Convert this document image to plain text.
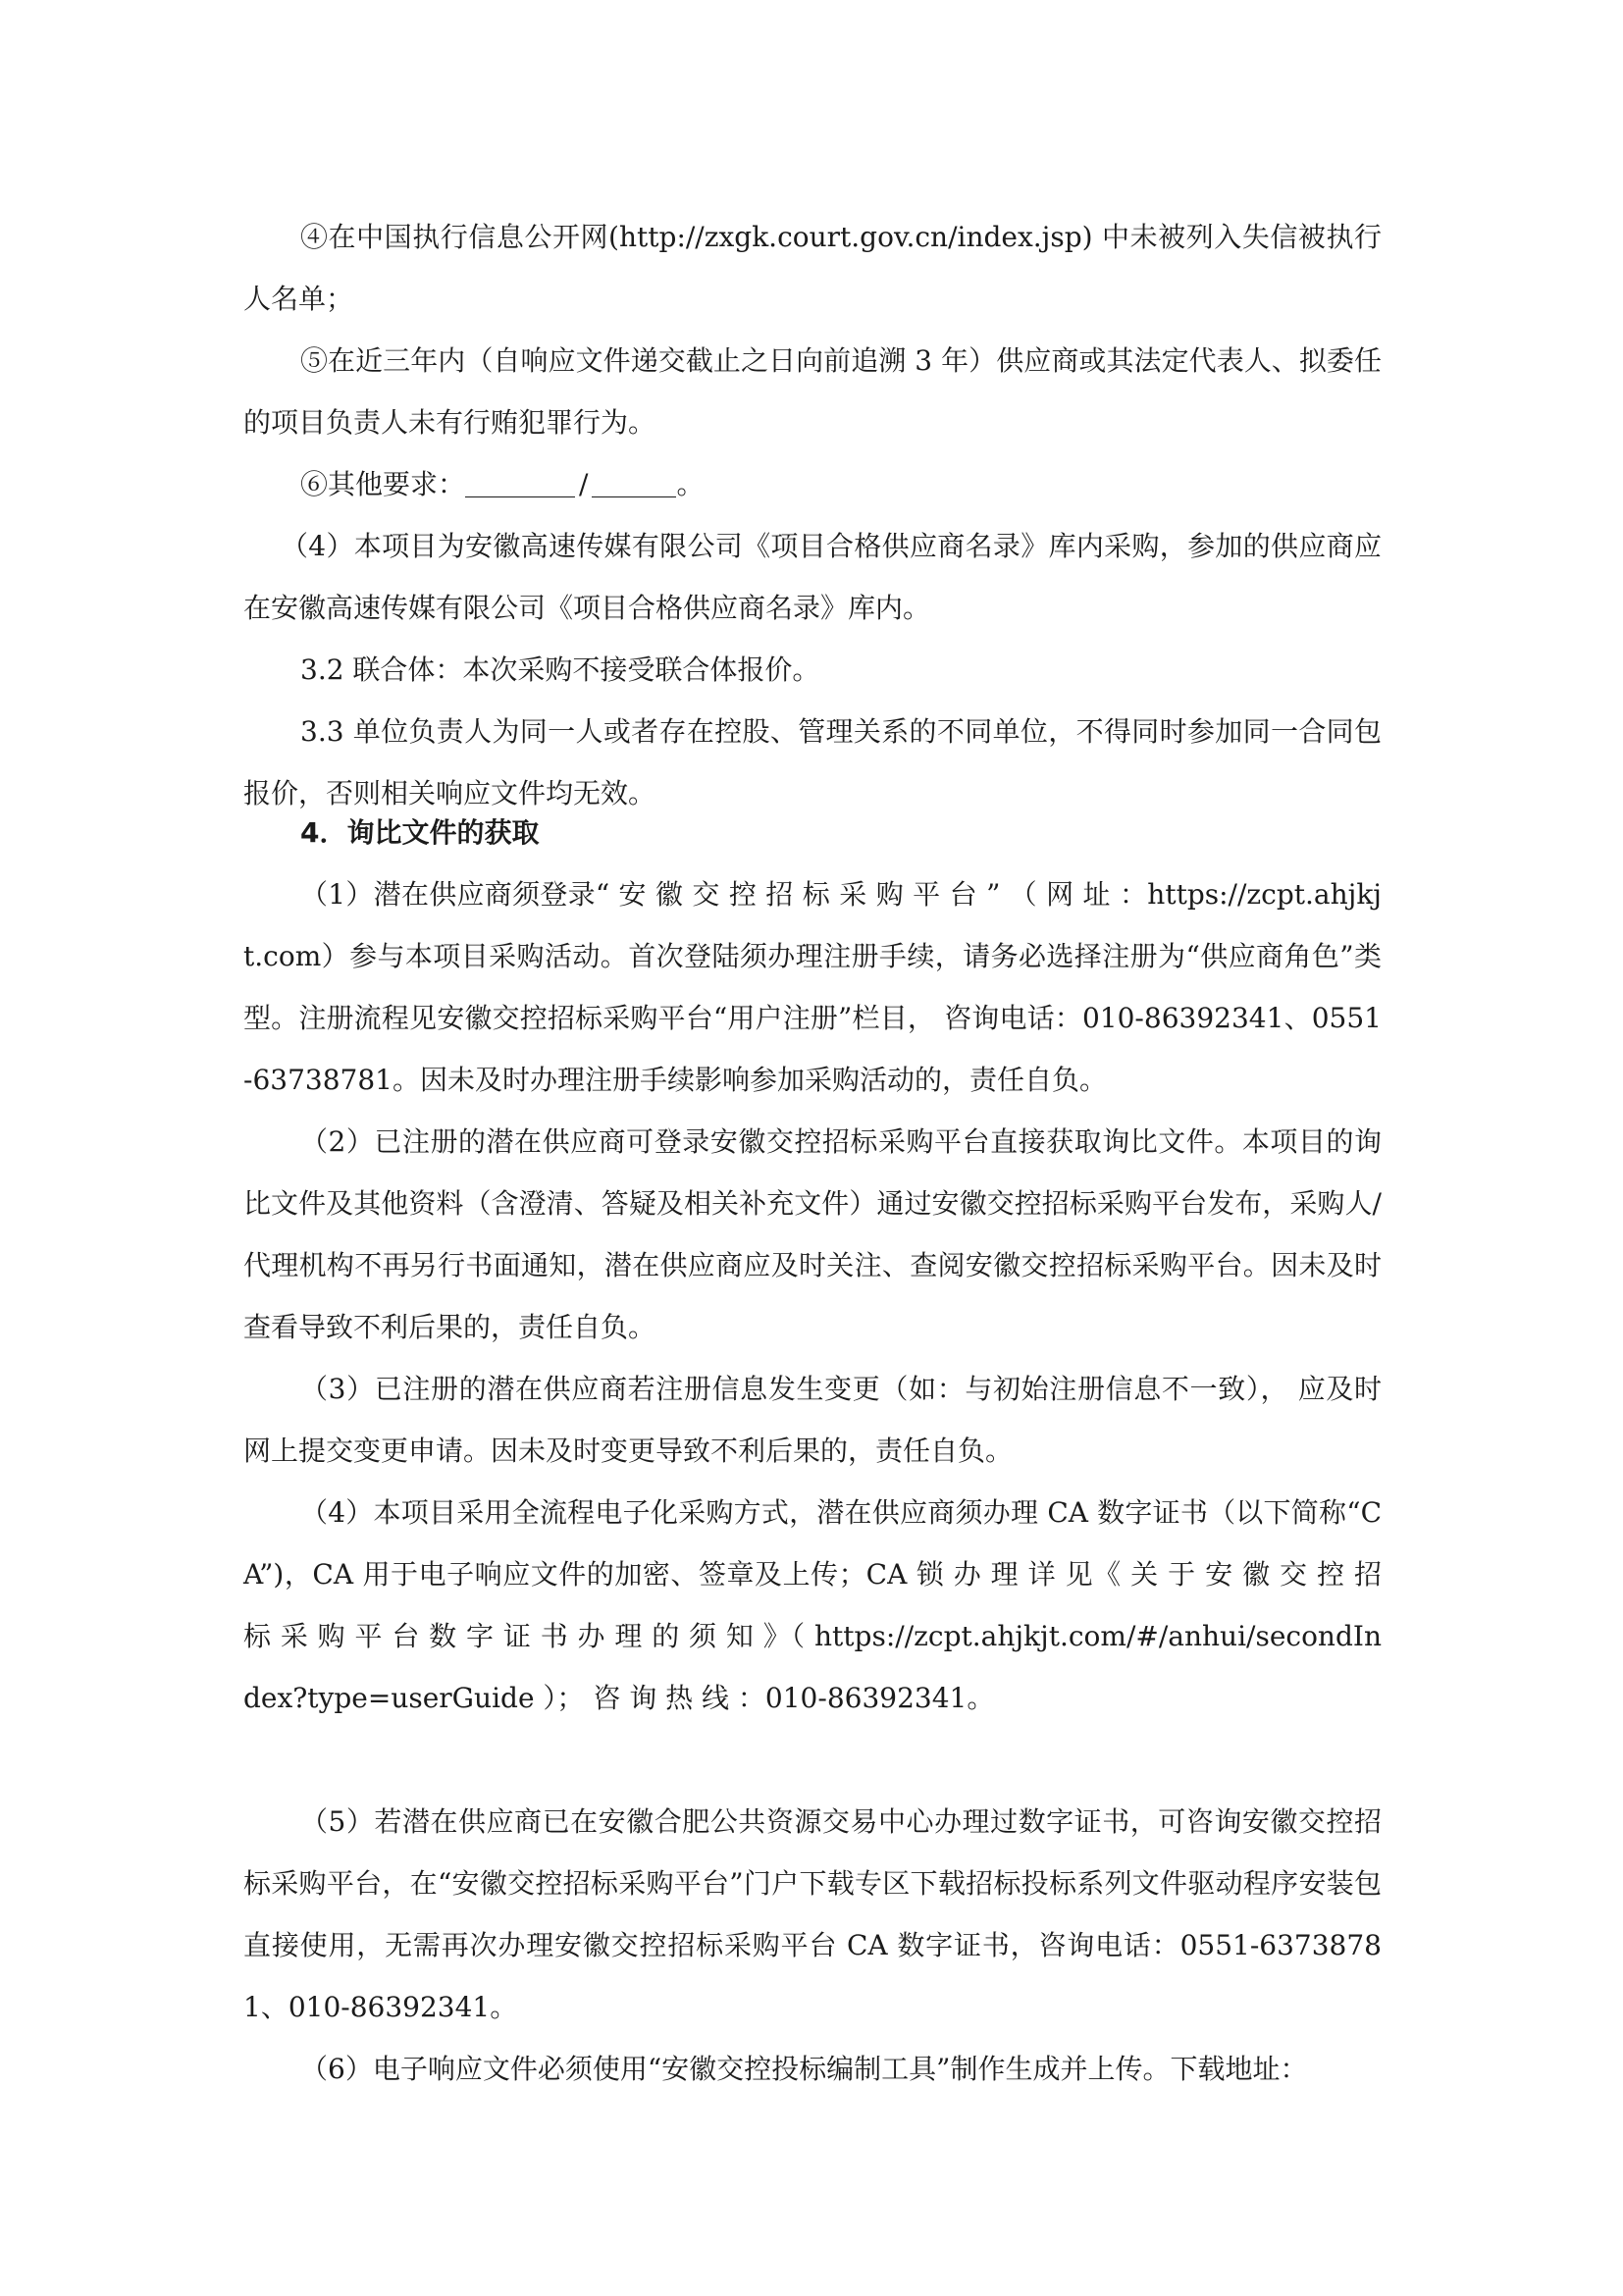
④在中国执行信息公开网(http://zxgk.court.gov.cn/index.jsp) 中未被列入失信被执行人名单；

⑤在近三年内（自响应文件递交截止之日向前追溯 3 年）供应商或其法定代表人、拟委任的项目负责人未有行贿犯罪行为。

⑥其他要求：	/	。

（4）本项目为安徽高速传媒有限公司《项目合格供应商名录》库内采购，参加的供应商应在安徽高速传媒有限公司《项目合格供应商名录》库内。

3.2 联合体：本次采购不接受联合体报价。

3.3 单位负责人为同一人或者存在控股、管理关系的不同单位，不得同时参加同一合同包报价，否则相关响应文件均无效。

4．询比文件的获取

（1）潜在供应商须登录“ 安 徽 交 控 招 标 采 购 平 台 ” （ 网 址 ：https://zcpt.ahjkjt.com）参与本项目采购活动。首次登陆须办理注册手续，请务必选择注册为“供应商角色”类型。注册流程见安徽交控招标采购平台“用户注册”栏目， 咨询电话：010-86392341、0551-63738781。因未及时办理注册手续影响参加采购活动的，责任自负。

（2）已注册的潜在供应商可登录安徽交控招标采购平台直接获取询比文件。本项目的询比文件及其他资料（含澄清、答疑及相关补充文件）通过安徽交控招标采购平台发布，采购人/代理机构不再另行书面通知，潜在供应商应及时关注、查阅安徽交控招标采购平台。因未及时查看导致不利后果的，责任自负。

（3）已注册的潜在供应商若注册信息发生变更（如：与初始注册信息不一致）， 应及时网上提交变更申请。因未及时变更导致不利后果的，责任自负。

（4）本项目采用全流程电子化采购方式，潜在供应商须办理 CA 数字证书（以下简称“CA”)，CA 用于电子响应文件的加密、签章及上传；CA 锁 办 理 详 见《 关 于 安 徽 交 控 招 标 采 购 平 台 数 字 证 书 办 理 的 须 知 》（ https://zcpt.ahjkjt.com/#/anhui/secondIndex?type=userGuide ）； 咨 询 热 线 ：010-86392341。

（5）若潜在供应商已在安徽合肥公共资源交易中心办理过数字证书，可咨询安徽交控招标采购平台，在“安徽交控招标采购平台”门户下载专区下载招标投标系列文件驱动程序安装包直接使用，无需再次办理安徽交控招标采购平台 CA 数字证书，咨询电话：0551-63738781、010-86392341。

（6）电子响应文件必须使用“安徽交控投标编制工具”制作生成并上传。下载地址：
